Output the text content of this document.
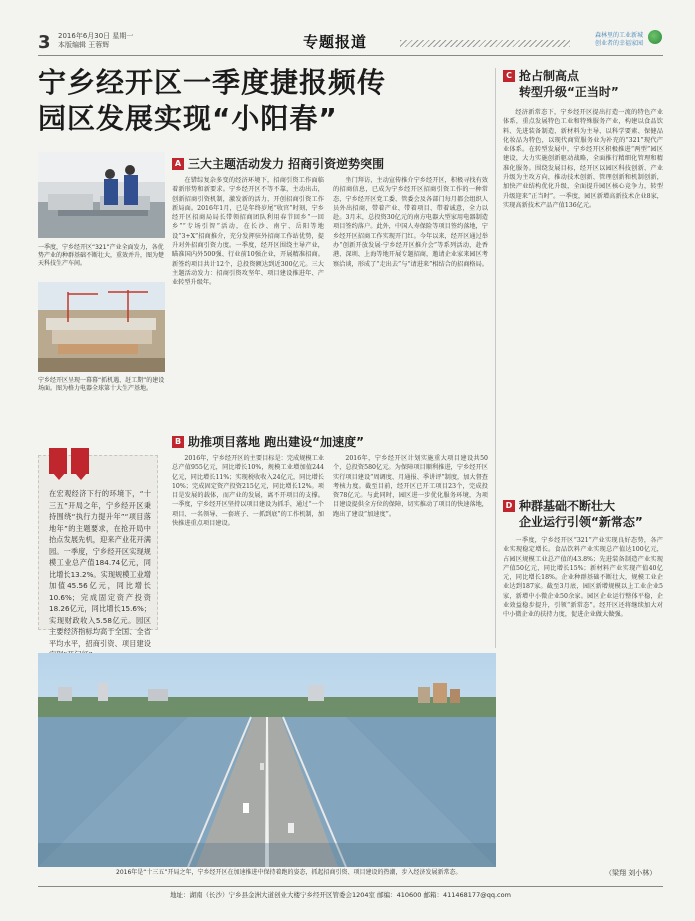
3 2016年6月30日 星期一
本版编辑 王蓉辉	专题报道	森林里的工业新城
创业者的幸福家园
宁乡经开区一季度捷报频传
园区发展实现“小阳春”
一季度，宁乡经开区“321”产业全面发力，各优势产业的种群基础不断壮大，重效并升，图为楚天科技生产车间。
宁乡经开区呈现一幕幕“抓机遇、赶工期”的建设场面。图为格力电器全球第十大生产基地。
在宏观经济下行的环境下，“十三五”开局之年，宁乡经开区秉持围绕“执行力提升年”“项目落地年”的主题要求，在抢开局中抬点发展先机，迎来产业花开满园。一季度，宁乡经开区实现规模工业总产值184.74亿元，同比增长13.2%。实现规模工业增加值45.56亿元，同比增长10.6%；完成固定资产投资18.26亿元，同比增长15.6%；实现财政收入5.58亿元。园区主要经济指标均高于全国、全省平均水平，招商引资、项目建设
A 三大主题活动发力 招商引资逆势突围

在错综复杂多变的经济环境下，招商引资工作面临着新形势和新要求。宁乡经开区不等不靠，主动出击，创新招商引资机制，激发新的活力，开创招商引资工作新局面。2016年1月，已是年终岁尾“收官”时刻，宁乡经开区招商局局长带领招商团队利用春节回乡“一回乡”“专场引智”活动，在长沙、南宁、岳阳等地设“3+X”招商推介，充分发挥驻外招商工作站优势，提升对外招商引资力度。一季度，经开区围绕主导产业，瞄准国内外500强、行业前10强企业，开展精准招商。新签约项目共计12个，总投资额达到近300亿元。三大主题活动发力：招商引资攻坚年、项目建设推进年、产业转型升级年。

坐门拜访，主动宣传推介宁乡经开区，积极寻找有效的招商信息，已成为宁乡经开区招商引资工作的一种常态，宁乡经开区党工委、管委会及各部门每月都会组织人员外出招商，带着产业、带着项目、带着诚意，全力以赴。3月末，总投资30亿元的南方电器大型家用电器制造项目签约落户。此外，中国人寿保险等项目签约落地，宁乡经开区招商工作实现开门红。今年以来，经开区通过举办“创新开放发展·宁乡经开区推介会”等系列活动，赴香港、深圳、上海等地开展专题招商，邀请企业家来园区考察洽谈，形成了“走出去”与“请进来”相结合的招商格局。

B 助推项目落地 跑出建设“加速度”

2016年，宁乡经开区的主要目标是：完成规模工业总产值955亿元，同比增长10%，规模工业增加值244亿元，同比增长11%；实现税收收入24亿元，同比增长10%；完成固定资产投资215亿元，同比增长12%。项目是发展的载体，而产业的发展，离不开项目的支撑。一季度，宁乡经开区坚持以项目建设为抓手，通过“一个项目、一名领导、一套班子、一抓到底”的工作机制，加快推进重点项目建设。

2016年，宁乡经开区计划实施重大项目建设共50个，总投资580亿元。为保障项目顺利推进，宁乡经开区实行项目建设“周调度、月通报、季讲评”制度，加大督查考核力度。截至目前，经开区已开工项目23个，完成投资78亿元。与此同时，园区进一步优化服务环境，为项目建设提供全方位的保障，切实推动了项目的快速落地，跑出了建设“加速度”。

C 抢占制高点
转型升级“正当时”

经济新常态下，宁乡经开区提出打造一流的特色产业体系，重点发展特色工业和特殊服务产业，构建以食品饮料、先进装备制造、新材料为主导、以科学要素、保健品化妆品为特色，以现代商贸服务业为补充的“321”现代产业体系。在转型发展中，宁乡经开区积极推进“两型”园区建设，大力实施创新驱动战略，全面推行精细化管理和精准化服务。围绕发展目标，经开区以园区科技创新、产业升级为主攻方向，推动技术创新、管理创新和机制创新，加快产业结构优化升级，全面提升园区核心竞争力，转型升级迎来“正当时”。一季度，园区新增高新技术企业8家，实现高新技术产品产值136亿元。

D 种群基础不断壮大
企业运行引领“新常态”

一季度，宁乡经开区“321”产业实现良好态势，各产业实现稳定增长。食品饮料产业实现总产值达100亿元，占园区规模工业总产值的43.8%；先进装备制造产业实现产值50亿元，同比增长15%；新材料产业实现产值40亿元，同比增长18%。企业种群基础不断壮大，规模工业企业达到187家。截至3月底，园区新增规模以上工业企业5家，新增中小微企业50余家。园区企业运行整体平稳，企业效益稳步提升，引领“新常态”。经开区还将继续加大对中小微企业的扶持力度，促进企业做大做强。

（梁翔 刘小林）
2016年是“十三五”开局之年，宁乡经开区在加速推进中保持着跑的姿态，抓起招商引资、项目建设的热潮，步入经济发展新常态。
地址：湖南（长沙）宁乡县金洲大道创业大楼宁乡经开区管委会1204室 邮编：410600 邮箱：411468177@qq.com
